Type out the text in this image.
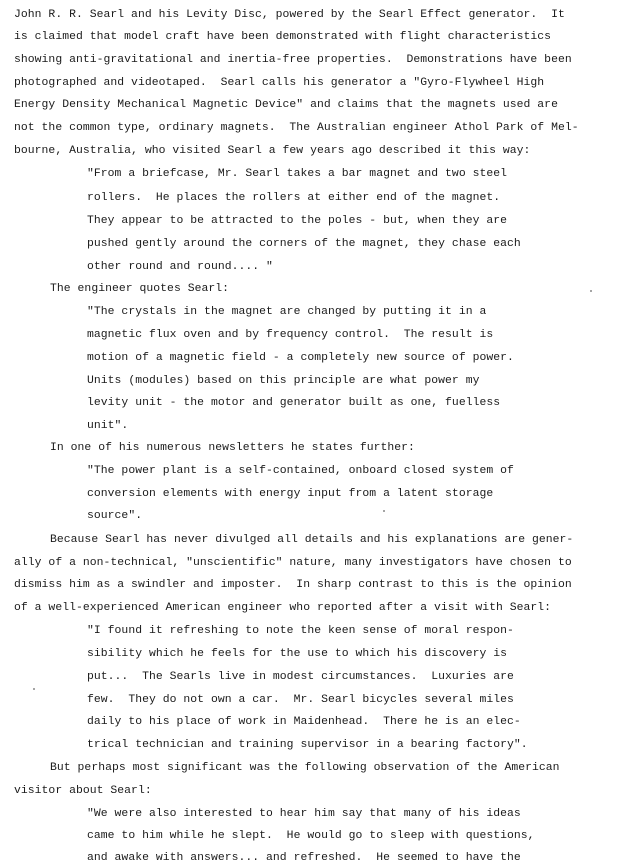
John R. R. Searl and his Levity Disc, powered by the Searl Effect generator.  It
is claimed that model craft have been demonstrated with flight characteristics
showing anti-gravitational and inertia-free properties.  Demonstrations have been
photographed and videotaped.  Searl calls his generator a "Gyro-Flywheel High
Energy Density Mechanical Magnetic Device" and claims that the magnets used are
not the common type, ordinary magnets.  The Australian engineer Athol Park of Mel-
bourne, Australia, who visited Searl a few years ago described it this way:
"From a briefcase, Mr. Searl takes a bar magnet and two steel
rollers.  He places the rollers at either end of the magnet.
They appear to be attracted to the poles - but, when they are
pushed gently around the corners of the magnet, they chase each
other round and round.... "
The engineer quotes Searl:
"The crystals in the magnet are changed by putting it in a
magnetic flux oven and by frequency control.  The result is
motion of a magnetic field - a completely new source of power.
Units (modules) based on this principle are what power my
levity unit - the motor and generator built as one, fuelless
unit".
In one of his numerous newsletters he states further:
"The power plant is a self-contained, onboard closed system of
conversion elements with energy input from a latent storage
source".
Because Searl has never divulged all details and his explanations are gener-
ally of a non-technical, "unscientific" nature, many investigators have chosen to
dismiss him as a swindler and imposter.  In sharp contrast to this is the opinion
of a well-experienced American engineer who reported after a visit with Searl:
"I found it refreshing to note the keen sense of moral respon-
sibility which he feels for the use to which his discovery is
put...  The Searls live in modest circumstances.  Luxuries are
few.  They do not own a car.  Mr. Searl bicycles several miles
daily to his place of work in Maidenhead.  There he is an elec-
trical technician and training supervisor in a bearing factory".
But perhaps most significant was the following observation of the American
visitor about Searl:
"We were also interested to hear him say that many of his ideas
came to him while he slept.  He would go to sleep with questions,
and awake with answers... and refreshed.  He seemed to have the
